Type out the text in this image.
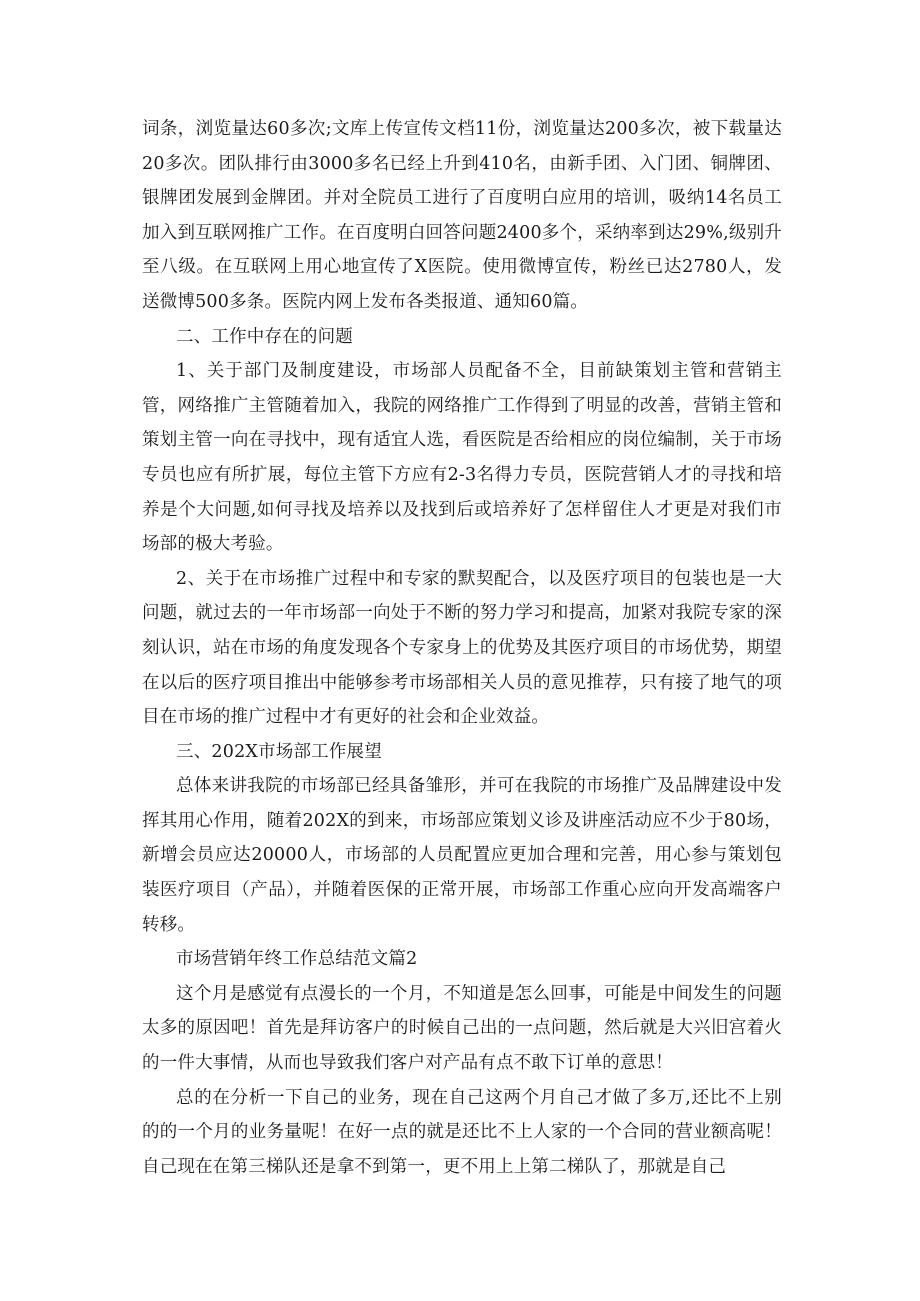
词条，浏览量达60多次;文库上传宣传文档11份，浏览量达200多次，被下载量达20多次。团队排行由3000多名已经上升到410名，由新手团、入门团、铜牌团、银牌团发展到金牌团。并对全院员工进行了百度明白应用的培训，吸纳14名员工加入到互联网推广工作。在百度明白回答问题2400多个，采纳率到达29%,级别升至八级。在互联网上用心地宣传了X医院。使用微博宣传，粉丝已达2780人，发送微博500多条。医院内网上发布各类报道、通知60篇。

二、工作中存在的问题

1、关于部门及制度建设，市场部人员配备不全，目前缺策划主管和营销主管，网络推广主管随着加入，我院的网络推广工作得到了明显的改善，营销主管和策划主管一向在寻找中，现有适宜人选，看医院是否给相应的岗位编制，关于市场专员也应有所扩展，每位主管下方应有2-3名得力专员，医院营销人才的寻找和培养是个大问题,如何寻找及培养以及找到后或培养好了怎样留住人才更是对我们市场部的极大考验。

2、关于在市场推广过程中和专家的默契配合，以及医疗项目的包装也是一大问题，就过去的一年市场部一向处于不断的努力学习和提高，加紧对我院专家的深刻认识，站在市场的角度发现各个专家身上的优势及其医疗项目的市场优势，期望在以后的医疗项目推出中能够参考市场部相关人员的意见推荐，只有接了地气的项目在市场的推广过程中才有更好的社会和企业效益。

三、202X市场部工作展望

总体来讲我院的市场部已经具备雏形，并可在我院的市场推广及品牌建设中发挥其用心作用，随着202X的到来，市场部应策划义诊及讲座活动应不少于80场，新增会员应达20000人，市场部的人员配置应更加合理和完善，用心参与策划包装医疗项目（产品），并随着医保的正常开展，市场部工作重心应向开发高端客户转移。

市场营销年终工作总结范文篇2

这个月是感觉有点漫长的一个月，不知道是怎么回事，可能是中间发生的问题太多的原因吧！首先是拜访客户的时候自己出的一点问题，然后就是大兴旧宫着火的一件大事情，从而也导致我们客户对产品有点不敢下订单的意思！

总的在分析一下自己的业务，现在自己这两个月自己才做了多万,还比不上别的的一个月的业务量呢！在好一点的就是还比不上人家的一个合同的营业额高呢！自己现在在第三梯队还是拿不到第一，更不用上上第二梯队了，那就是自己
